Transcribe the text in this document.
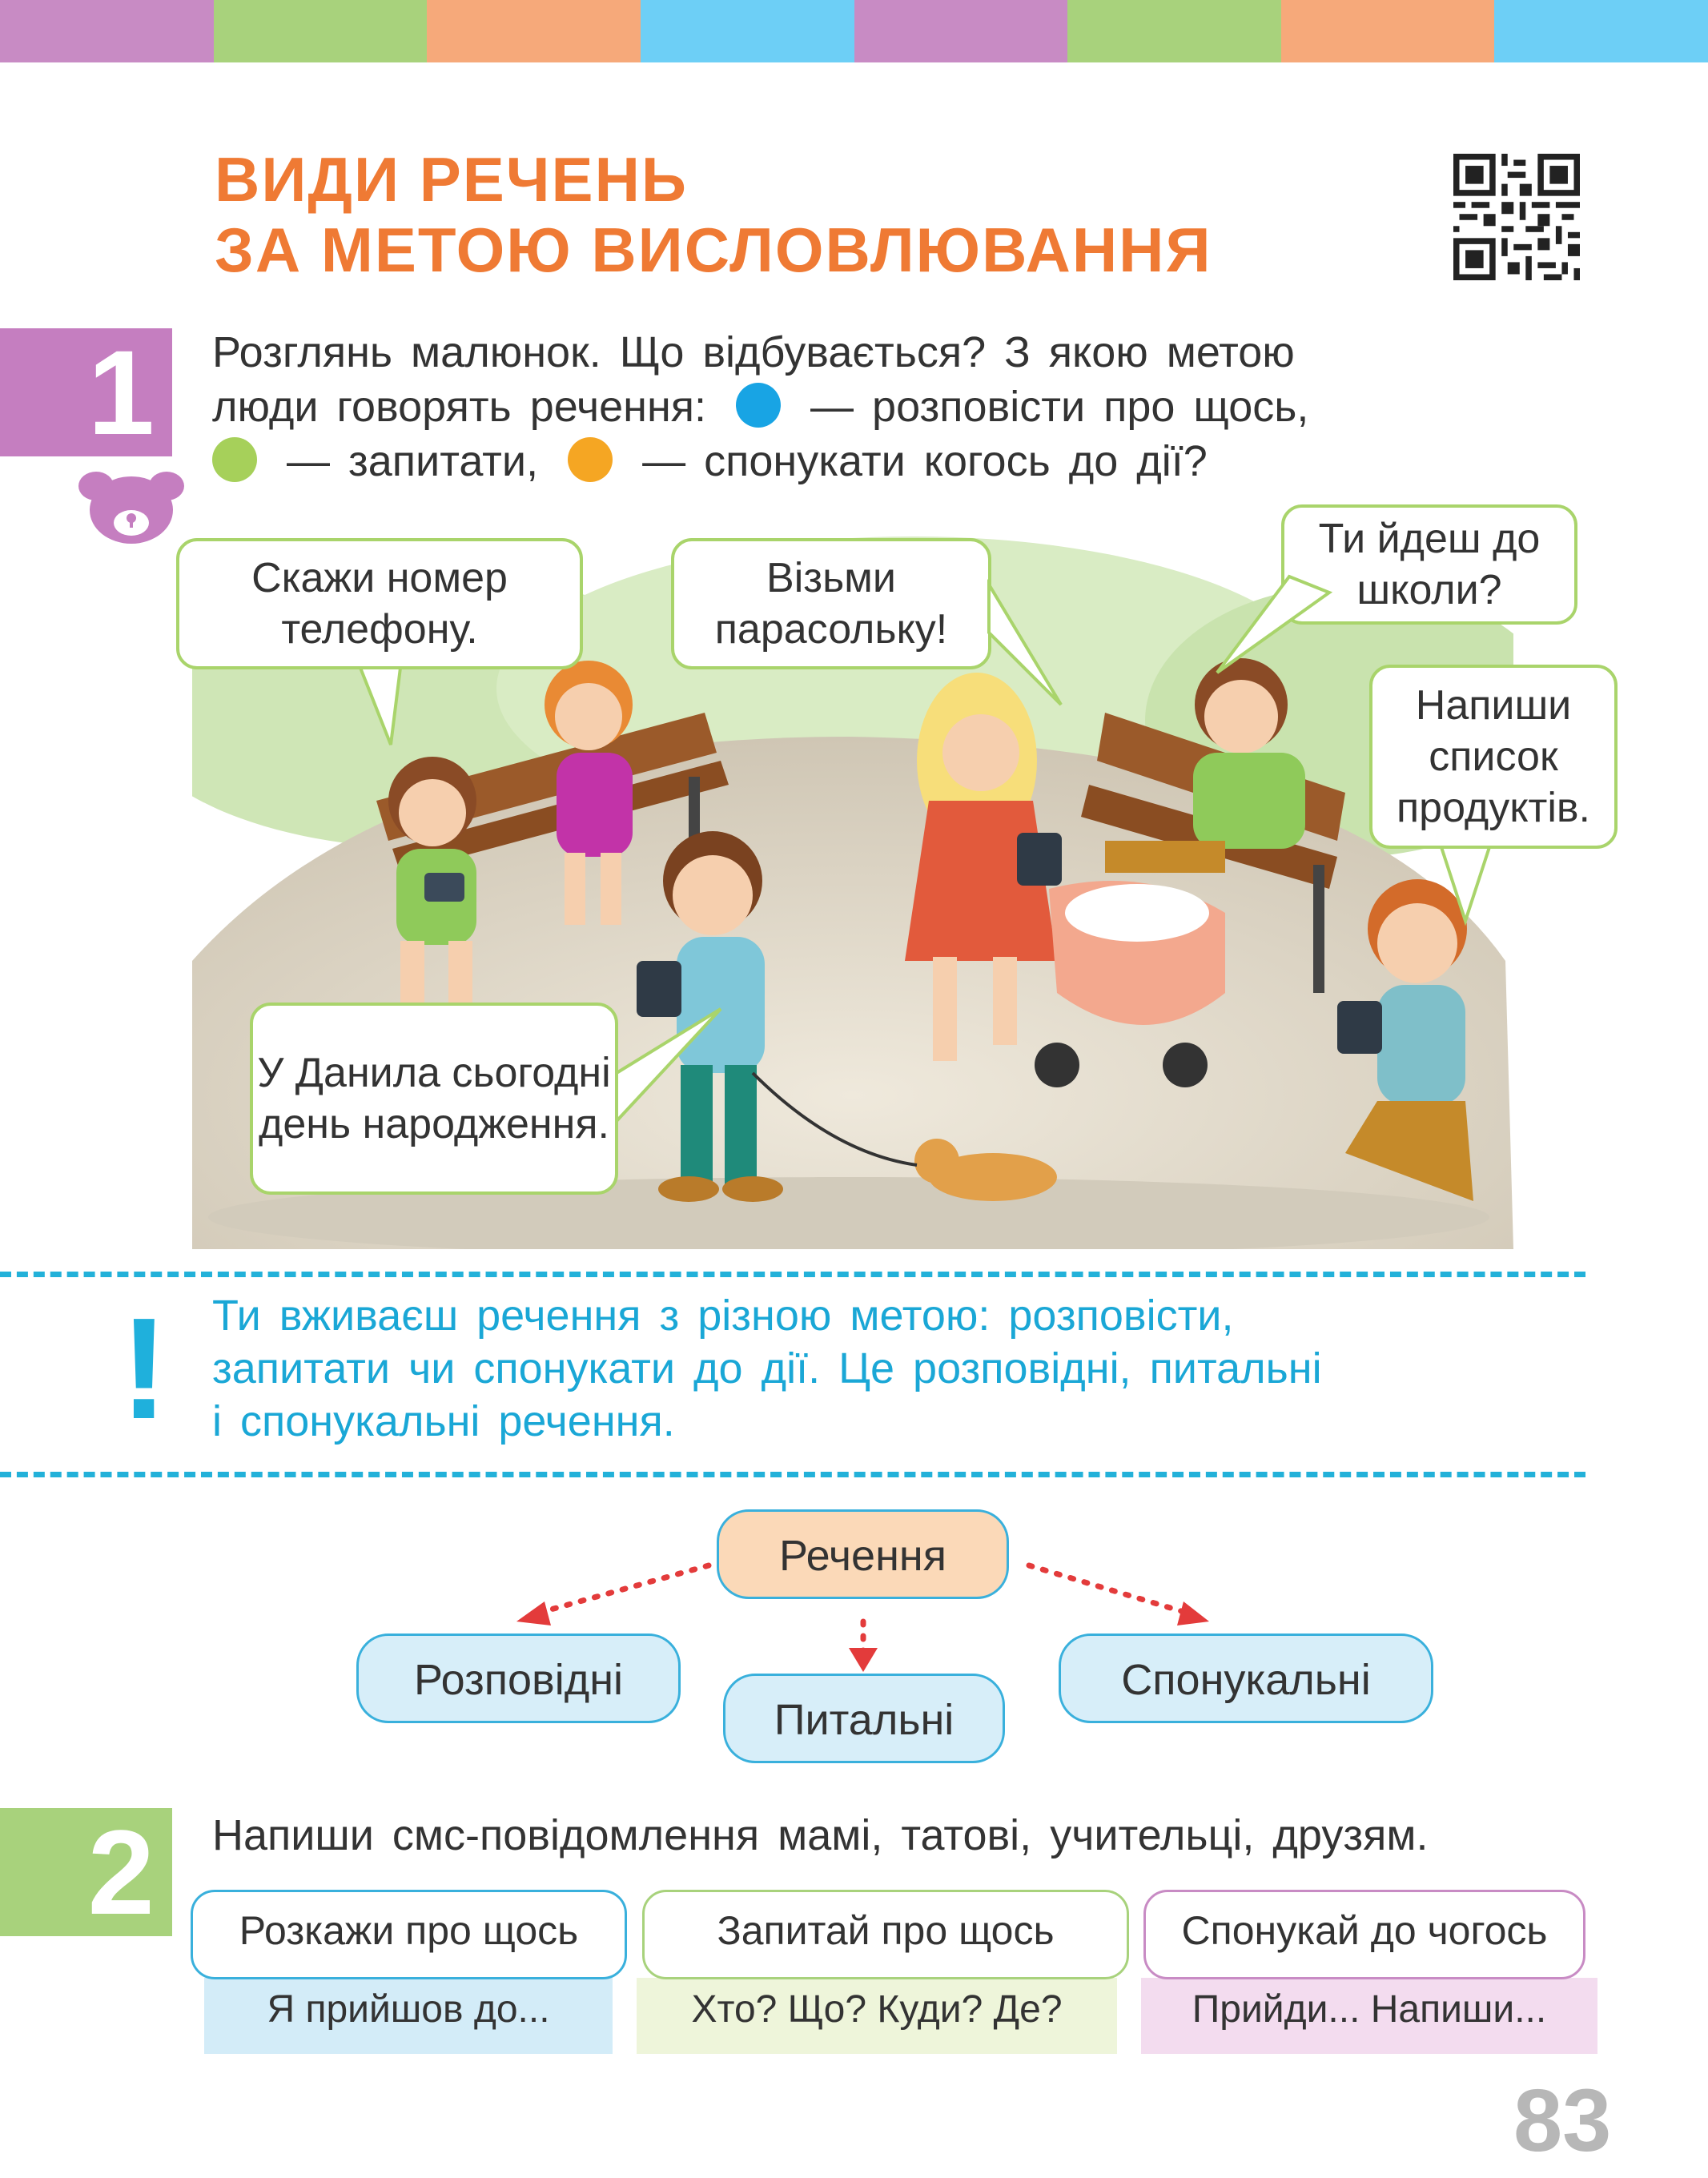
ВИДИ РЕЧЕНЬ
ЗА МЕТОЮ ВИСЛОВЛЮВАННЯ
1	Розглянь малюнок. Що відбувається? З якою метою
люди говорять речення: — розповісти про щось,
— запитати, — спонукати когось до дії?
Скажи номер телефону.
Візьми парасольку!
Ти йдеш до школи?
Напиши список продуктів.
У Данила сьогодні день народження.
! Ти вживаєш речення з різною метою: розповісти,
запитати чи спонукати до дії. Це розповідні, питальні
і спонукальні речення.
Речення
Розповідні
Питальні
Спонукальні
2	Напиши смс-повідомлення мамі, татові, учительці, друзям.
Я прийшов до...	Хто? Що? Куди? Де?	Прийди... Напиши...
Розкажи про щось	Запитай про щось	Спонукай до чогось
83
